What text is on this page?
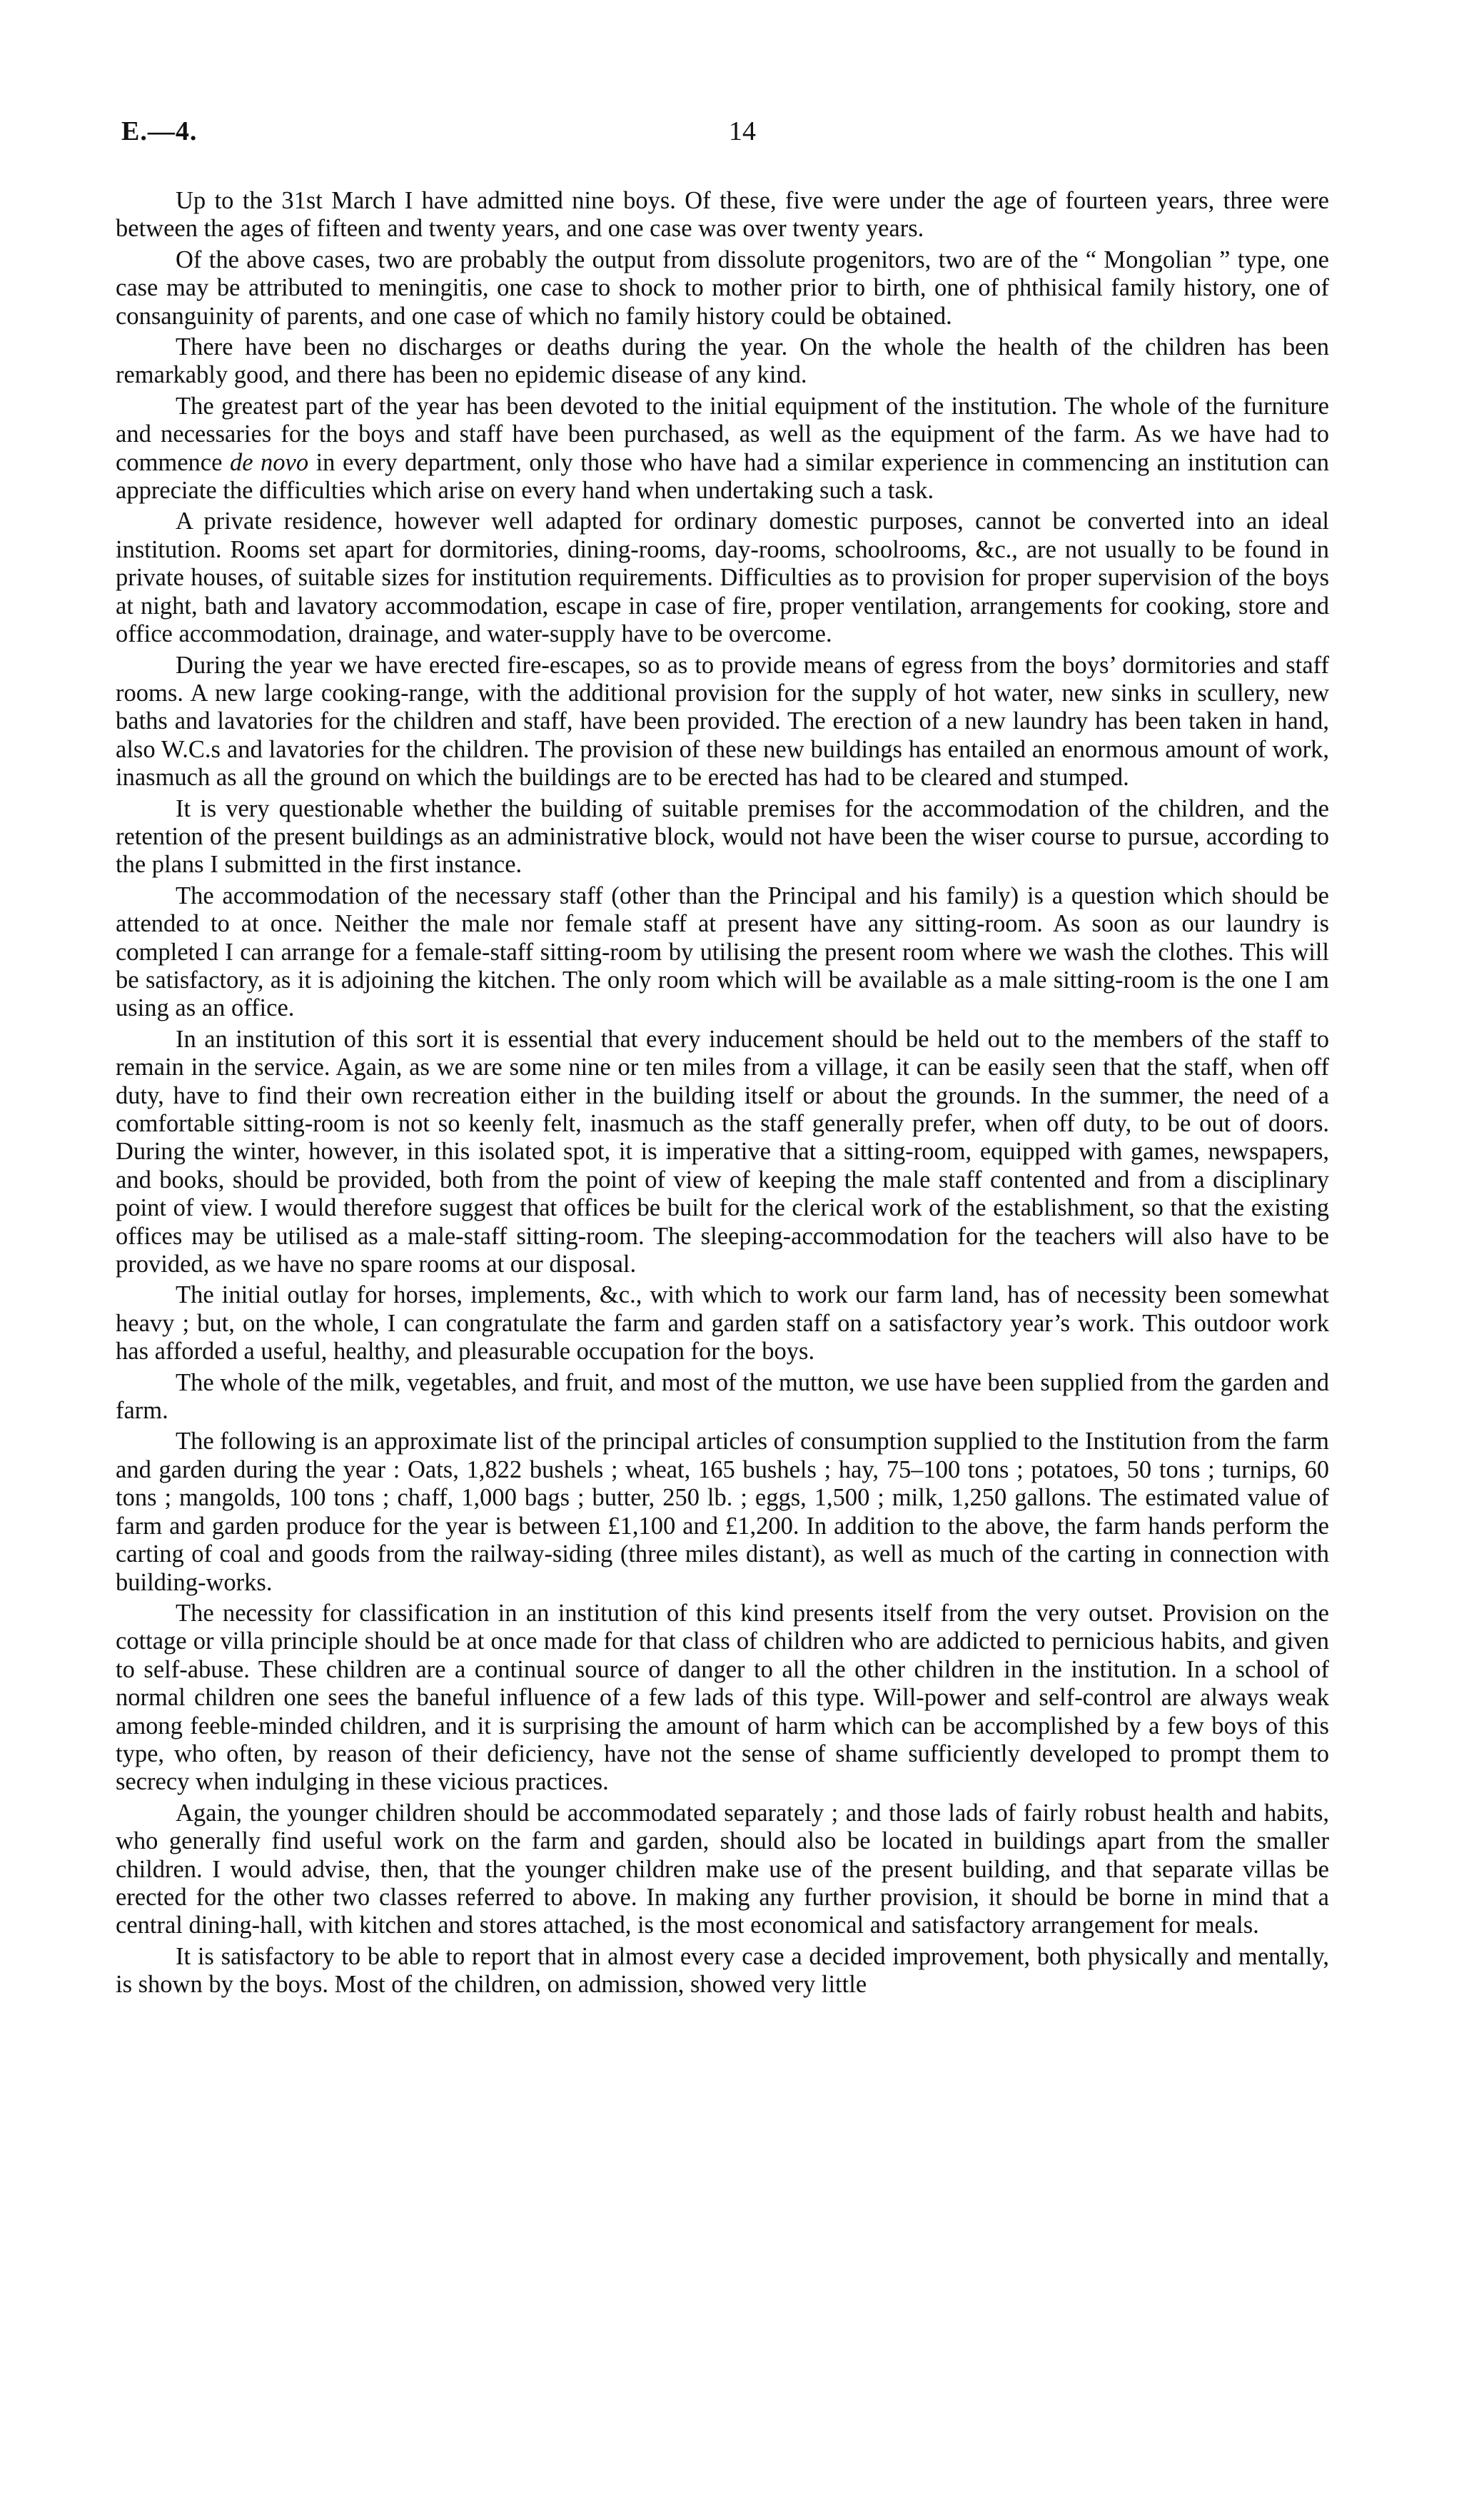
E.—4.	14

Up to the 31st March I have admitted nine boys. Of these, five were under the age of fourteen years, three were between the ages of fifteen and twenty years, and one case was over twenty years.

Of the above cases, two are probably the output from dissolute progenitors, two are of the “ Mongolian ” type, one case may be attributed to meningitis, one case to shock to mother prior to birth, one of phthisical family history, one of consanguinity of parents, and one case of which no family history could be obtained.

There have been no discharges or deaths during the year. On the whole the health of the children has been remarkably good, and there has been no epidemic disease of any kind.

The greatest part of the year has been devoted to the initial equipment of the institution. The whole of the furniture and necessaries for the boys and staff have been purchased, as well as the equipment of the farm. As we have had to commence de novo in every department, only those who have had a similar experience in commencing an institution can appreciate the difficulties which arise on every hand when undertaking such a task.

A private residence, however well adapted for ordinary domestic purposes, cannot be converted into an ideal institution. Rooms set apart for dormitories, dining-rooms, day-rooms, schoolrooms, &c., are not usually to be found in private houses, of suitable sizes for institution requirements. Difficulties as to provision for proper supervision of the boys at night, bath and lavatory accommodation, escape in case of fire, proper ventilation, arrangements for cooking, store and office accommodation, drainage, and water-supply have to be overcome.

During the year we have erected fire-escapes, so as to provide means of egress from the boys’ dormitories and staff rooms. A new large cooking-range, with the additional provision for the supply of hot water, new sinks in scullery, new baths and lavatories for the children and staff, have been provided. The erection of a new laundry has been taken in hand, also W.C.s and lavatories for the children. The provision of these new buildings has entailed an enormous amount of work, inasmuch as all the ground on which the buildings are to be erected has had to be cleared and stumped.

It is very questionable whether the building of suitable premises for the accommodation of the children, and the retention of the present buildings as an administrative block, would not have been the wiser course to pursue, according to the plans I submitted in the first instance.

The accommodation of the necessary staff (other than the Principal and his family) is a question which should be attended to at once. Neither the male nor female staff at present have any sitting-room. As soon as our laundry is completed I can arrange for a female-staff sitting-room by utilising the present room where we wash the clothes. This will be satisfactory, as it is adjoining the kitchen. The only room which will be available as a male sitting-room is the one I am using as an office.

In an institution of this sort it is essential that every inducement should be held out to the members of the staff to remain in the service. Again, as we are some nine or ten miles from a village, it can be easily seen that the staff, when off duty, have to find their own recreation either in the building itself or about the grounds. In the summer, the need of a comfortable sitting-room is not so keenly felt, inasmuch as the staff generally prefer, when off duty, to be out of doors. During the winter, however, in this isolated spot, it is imperative that a sitting-room, equipped with games, newspapers, and books, should be provided, both from the point of view of keeping the male staff contented and from a disciplinary point of view. I would therefore suggest that offices be built for the clerical work of the establishment, so that the existing offices may be utilised as a male-staff sitting-room. The sleeping-accommodation for the teachers will also have to be provided, as we have no spare rooms at our disposal.

The initial outlay for horses, implements, &c., with which to work our farm land, has of necessity been somewhat heavy ; but, on the whole, I can congratulate the farm and garden staff on a satisfactory year’s work. This outdoor work has afforded a useful, healthy, and pleasurable occupation for the boys.

The whole of the milk, vegetables, and fruit, and most of the mutton, we use have been supplied from the garden and farm.

The following is an approximate list of the principal articles of consumption supplied to the Institution from the farm and garden during the year : Oats, 1,822 bushels ; wheat, 165 bushels ; hay, 75–100 tons ; potatoes, 50 tons ; turnips, 60 tons ; mangolds, 100 tons ; chaff, 1,000 bags ; butter, 250 lb. ; eggs, 1,500 ; milk, 1,250 gallons. The estimated value of farm and garden produce for the year is between £1,100 and £1,200. In addition to the above, the farm hands perform the carting of coal and goods from the railway-siding (three miles distant), as well as much of the carting in connection with building-works.

The necessity for classification in an institution of this kind presents itself from the very outset. Provision on the cottage or villa principle should be at once made for that class of children who are addicted to pernicious habits, and given to self-abuse. These children are a continual source of danger to all the other children in the institution. In a school of normal children one sees the baneful influence of a few lads of this type. Will-power and self-control are always weak among feeble-minded children, and it is surprising the amount of harm which can be accomplished by a few boys of this type, who often, by reason of their deficiency, have not the sense of shame sufficiently developed to prompt them to secrecy when indulging in these vicious practices.

Again, the younger children should be accommodated separately ; and those lads of fairly robust health and habits, who generally find useful work on the farm and garden, should also be located in buildings apart from the smaller children. I would advise, then, that the younger children make use of the present building, and that separate villas be erected for the other two classes referred to above. In making any further provision, it should be borne in mind that a central dining-hall, with kitchen and stores attached, is the most economical and satisfactory arrangement for meals.

It is satisfactory to be able to report that in almost every case a decided improvement, both physically and mentally, is shown by the boys. Most of the children, on admission, showed very little
